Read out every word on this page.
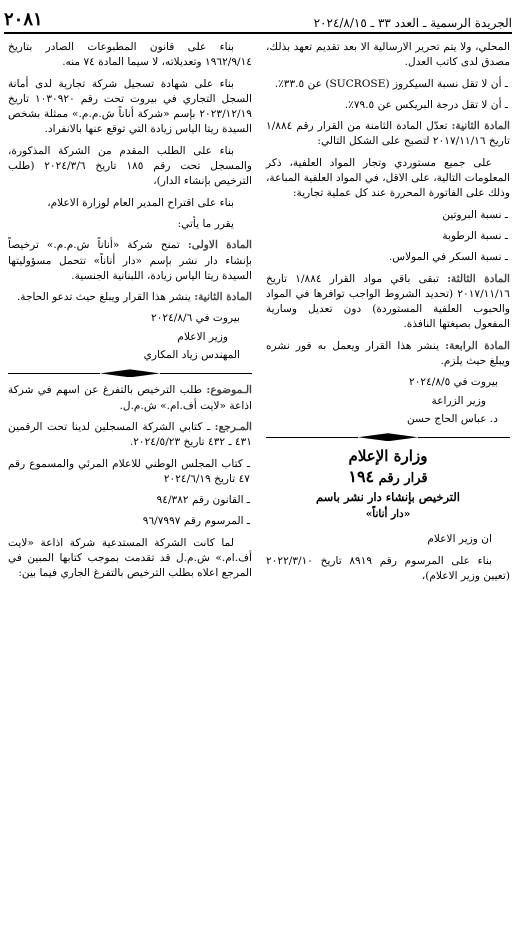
الجريدة الرسمية ـ العدد ٣٣ ـ ٢٠٢٤/٨/١٥
٢٠٨١

المحلي، ولا يتم تحرير الارسالية الا بعد تقديم تعهد بذلك، مصدق لدى كاتب العدل.

ـ أن لا تقل نسبة السيكروز (SUCROSE) عن ٣٣.٥٪.

ـ أن لا تقل درجة البريكس عن ٧٩.٥٪.

المادة الثانية: تعدّل المادة الثامنة من القرار رقم ١/٨٨٤ تاريخ ٢٠١٧/١١/١٦ لتصبح على الشكل التالي:

على جميع مستوردي وتجار المواد العلفية، ذكر المعلومات التالية، على الاقل، في المواد العلفية المباعة، وذلك على الفاتورة المحررة عند كل عملية تجارية:

ـ نسبة البروتين

ـ نسبة الرطوبة

ـ نسبة السكر في المولاس.

المادة الثالثة: تبقى باقي مواد القرار ١/٨٨٤ تاريخ ٢٠١٧/١١/١٦ (تحديد الشروط الواجب توافرها في المواد والحبوب العلفية المستوردة) دون تعديل وسارية المفعول بصيغتها النافذة.

المادة الرابعة: ينشر هذا القرار ويعمل به فور نشره ويبلغ حيث يلزم.

بيروت في ٢٠٢٤/٨/٥

وزير الزراعة

د. عباس الحاج حسن

وزارة الإعلام
قرار رقم ١٩٤
الترخيص بإنشاء دار نشر باسم
«دار أناناً»

ان وزير الاعلام

بناء على المرسوم رقم ٨٩١٩ تاريخ ٢٠٢٢/٣/١٠ (تعيين وزير الاعلام)،

بناء على قانون المطبوعات الصادر بتاريخ ١٩٦٢/٩/١٤ وتعديلاته، لا سيما المادة ٧٤ منه.

بناء على شهادة تسجيل شركة تجارية لدى أمانة السجل التجاري في بيروت تحت رقم ١٠٣٠٩٢٠ تاريخ ٢٠٢٣/١٢/١٩ بإسم «شركة أناناً ش.م.م.» ممثلة بشخص السيدة ريتا الياس زيادة التي توقع عنها بالانفراد.

بناء على الطلب المقدم من الشركة المذكورة، والمسجل تحت رقم ١٨٥ تاريخ ٢٠٢٤/٣/٦ (طلب الترخيص بإنشاء الدار)،

بناء على اقتراح المدير العام لوزارة الاعلام،

يقرر ما يأتي:

المادة الاولى: تمنح شركة «أناناً ش.م.م.» ترخيصاً بإنشاء دار نشر بإسم «دار أناناً» تتحمل مسؤوليتها السيدة ريتا الياس زيادة، اللبنانية الجنسية.

المادة الثانية: ينشر هذا القرار ويبلغ حيث تدعو الحاجة.

بيروت في ٢٠٢٤/٨/٦

وزير الاعلام

المهندس زياد المكاري

الـموضوع: طلب الترخيص بالتفرغ عن اسهم في شركة اذاعة «لايت أف.ام.» ش.م.ل.

المـرجع: ـ كتابي الشركة المسجلين لدينا تحت الرقمين ٤٣١ ـ ٤٣٢ تاريخ ٢٠٢٤/٥/٢٣.

ـ كتاب المجلس الوطني للاعلام المرئي والمسموع رقم ٤٧ تاريخ ٢٠٢٤/٦/١٩

ـ القانون رقم ٩٤/٣٨٢

ـ المرسوم رقم ٩٦/٧٩٩٧

لما كانت الشركة المستدعية شركة اذاعة «لايت أف.ام.» ش.م.ل قد تقدمت بموجب كتابها المبين في المرجع اعلاه بطلب الترخيص بالتفرغ الجاري فيما بين:
